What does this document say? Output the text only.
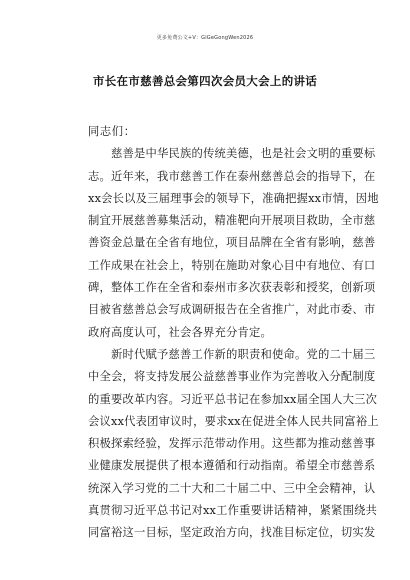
更多免费公文+V：GiGeGongWen2026
市长在市慈善总会第四次会员大会上的讲话

同志们：

慈善是中华民族的传统美德，也是社会文明的重要标

志。近年来，我市慈善工作在泰州慈善总会的指导下，在

xx会长以及三届理事会的领导下，准确把握xx市情，因地

制宜开展慈善募集活动，精准靶向开展项目救助，全市慈

善资金总量在全省有地位，项目品牌在全省有影响，慈善

工作成果在社会上，特别在施助对象心目中有地位、有口

碑，整体工作在全省和泰州市多次获表彰和授奖，创新项

目被省慈善总会写成调研报告在全省推广，对此市委、市

政府高度认可，社会各界充分肯定。

新时代赋予慈善工作新的职责和使命。党的二十届三

中全会，将支持发展公益慈善事业作为完善收入分配制度

的重要改革内容。习近平总书记在参加xx届全国人大三次

会议xx代表团审议时，要求xx在促进全体人民共同富裕上

积极探索经验，发挥示范带动作用。这些都为推动慈善事

业健康发展提供了根本遵循和行动指南。希望全市慈善系

统深入学习党的二十大和二十届二中、三中全会精神，认

真贯彻习近平总书记对xx工作重要讲话精神，紧紧围绕共

同富裕这一目标，坚定政治方向，找准目标定位，切实发
